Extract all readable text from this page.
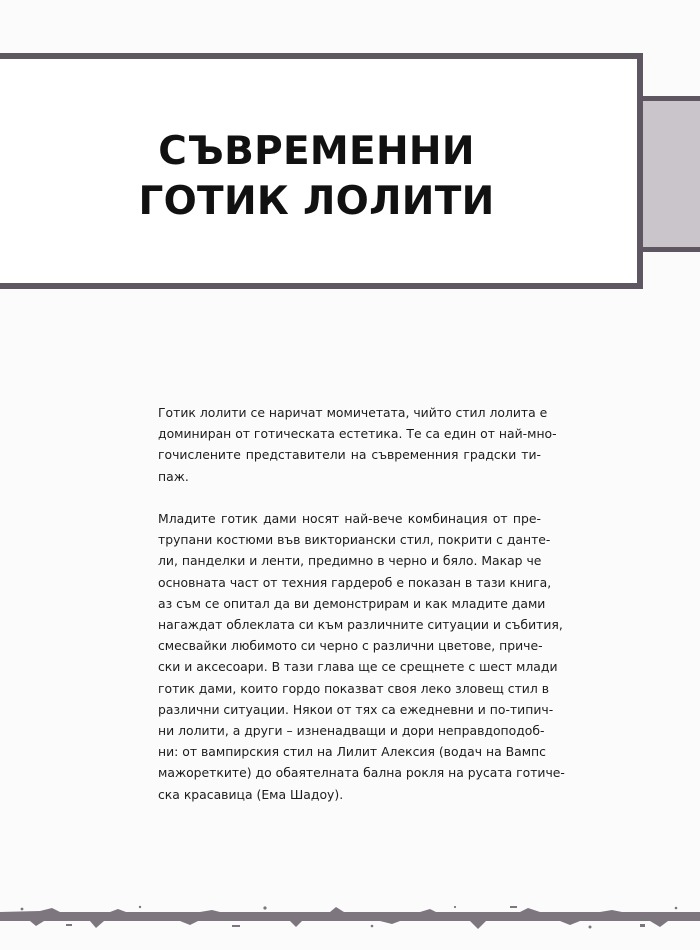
СЪВРЕМЕННИ
ГОТИК ЛОЛИТИ
Готик лолити се наричат момичетата, чийто стил лолита е
доминиран от готическата естетика. Те са един от най-мно-
гочислените представители на съвременния градски ти-
паж.
Младите готик дами носят най-вече комбинация от пре-
трупани костюми във викториански стил, покрити с данте-
ли, панделки и ленти, предимно в черно и бяло. Макар че
основната част от техния гардероб е показан в тази книга,
аз съм се опитал да ви демонстрирам и как младите дами
нагаждат облеклата си към различните ситуации и събития,
смесвайки любимото си черно с различни цветове, приче-
ски и аксесоари. В тази глава ще се срещнете с шест млади
готик дами, които гордо показват своя леко зловещ стил в
различни ситуации. Някои от тях са ежедневни и по-типич-
ни лолити, а други – изненадващи и дори неправдоподоб-
ни: от вампирския стил на Лилит Алексия (водач на Вампс
мажоретките) до обаятелната бална рокля на русата готиче-
ска красавица (Ема Шадоу).
